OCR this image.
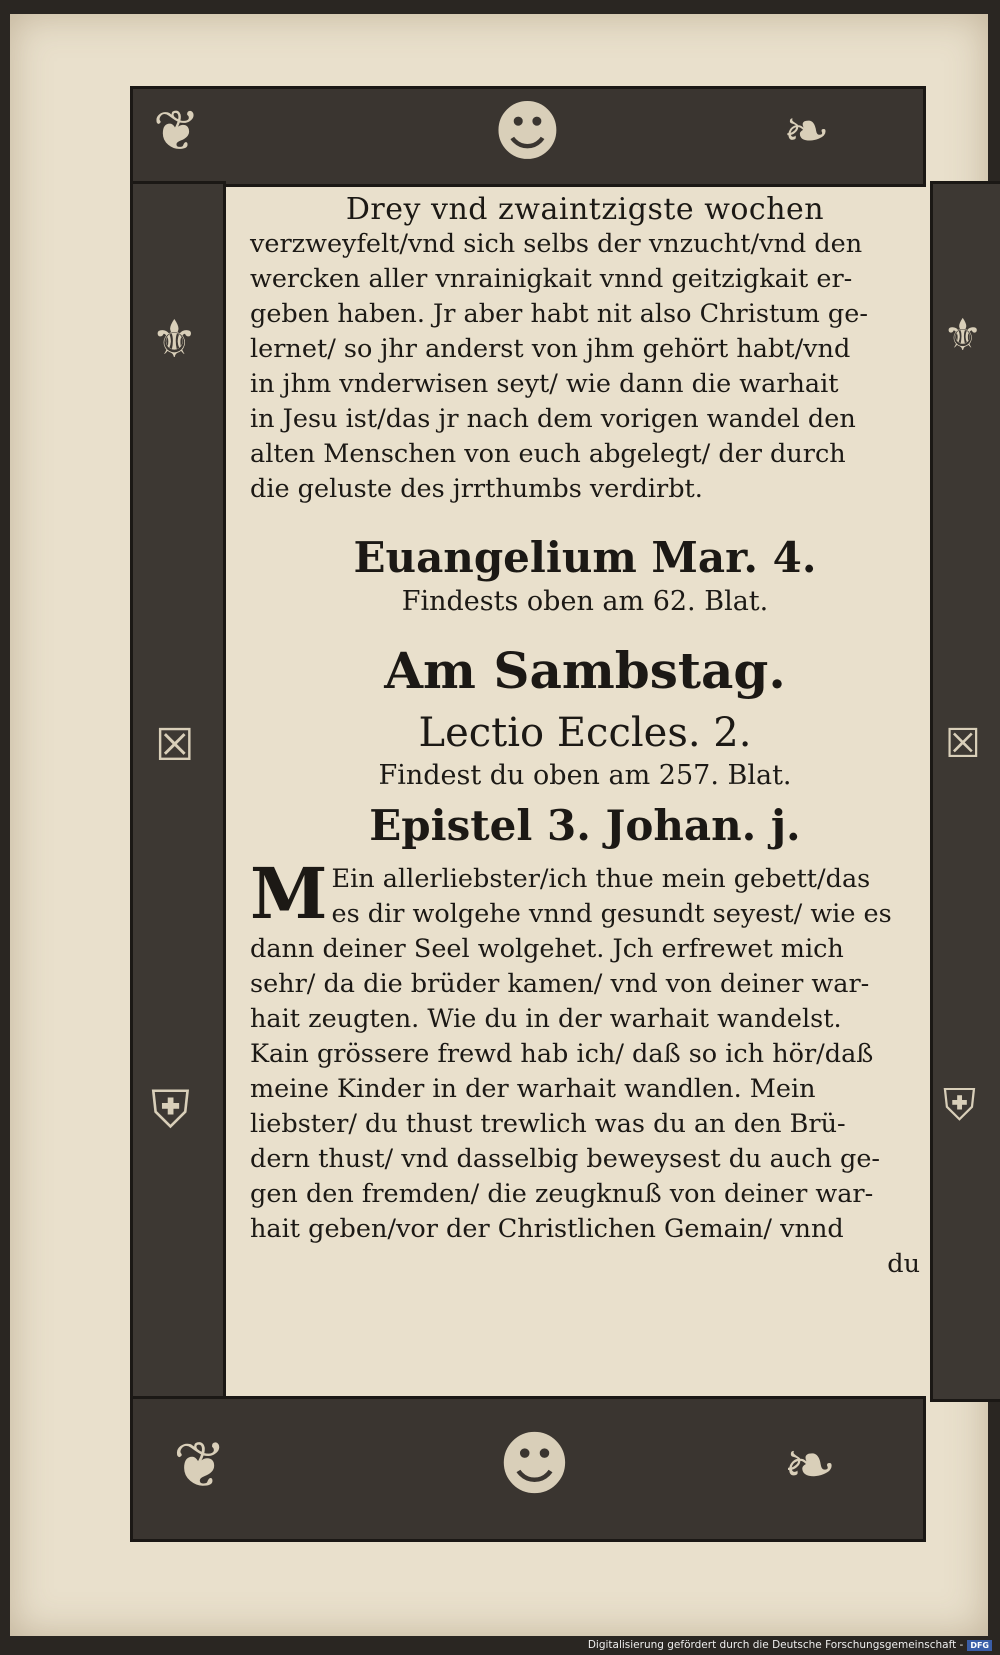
❦	☻	❧
⚜
☒
⛨
⚜
☒
⛨
❦	☻	❧

Drey vnd zwaintzigste wochen

verzweyfelt/vnd sich selbs der vnzucht/vnd den
wercken aller vnrainigkait vnnd geitzigkait er-
geben haben. Jr aber habt nit also Christum ge-
lernet/ so jhr anderst von jhm gehört habt/vnd
in jhm vnderwisen seyt/ wie dann die warhait
in Jesu ist/das jr nach dem vorigen wandel den
alten Menschen von euch abgelegt/ der durch
die geluste des jrrthumbs verdirbt.

Euangelium Mar. 4.

Findests oben am 62. Blat.

Am Sambstag.

Lectio Eccles. 2.

Findest du oben am 257. Blat.

Epistel 3. Johan. j.

M Ein allerliebster/ich thue mein gebett/das
es dir wolgehe vnnd gesundt seyest/ wie es
dann deiner Seel wolgehet. Jch erfrewet mich
sehr/ da die brüder kamen/ vnd von deiner war-
hait zeugten. Wie du in der warhait wandelst.
Kain grössere frewd hab ich/ daß so ich hör/daß
meine Kinder in der warhait wandlen. Mein
liebster/ du thust trewlich was du an den Brü-
dern thust/ vnd dasselbig beweysest du auch ge-
gen den fremden/ die zeugknuß von deiner war-
hait geben/vor der Christlichen Gemain/ vnnd

du

Digitalisierung gefördert durch die Deutsche Forschungsgemeinschaft - DFG
